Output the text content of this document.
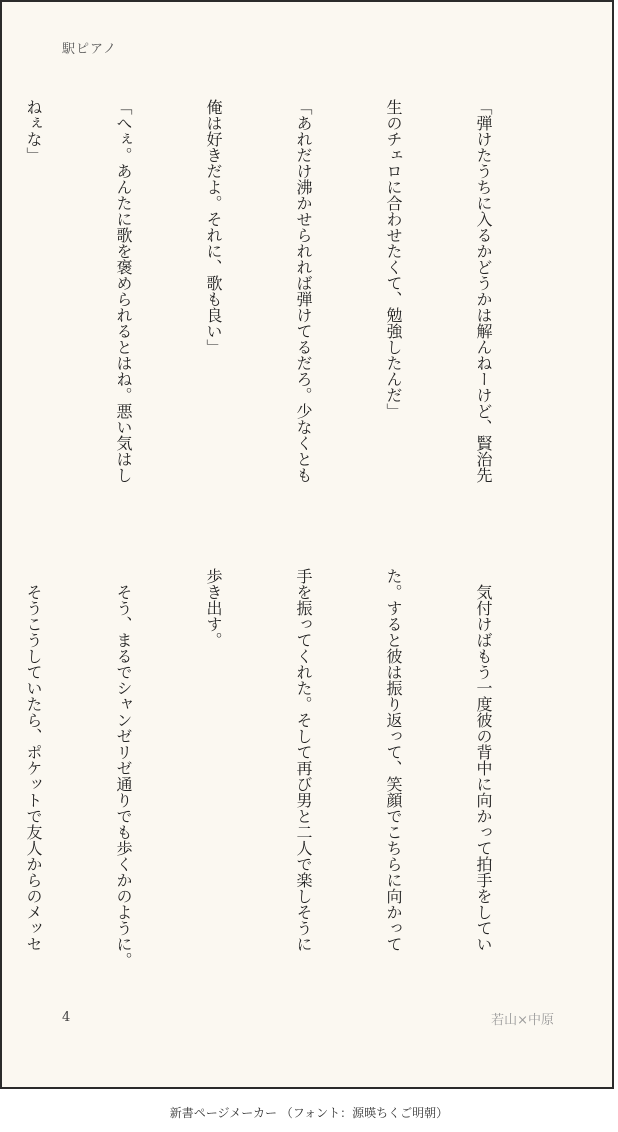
駅ピアノ

「弾けたうちに入るかどうかは解んねーけど、賢治先

生のチェロに合わせたくて、勉強したんだ」

「あれだけ沸かせられれば弾けてるだろ。少なくとも

俺は好きだよ。それに、歌も良い」

「へぇ。あんたに歌を褒められるとはね。悪い気はし

ねぇな」

　気付けばもう一度彼の背中に向かって拍手をしてい

た。すると彼は振り返って、笑顔でこちらに向かって

手を振ってくれた。そして再び男と二人で楽しそうに

歩き出す。

　そう、まるでシャンゼリゼ通りでも歩くかのように。

　そうこうしていたら、ポケットで友人からのメッセ

4	若山×中原
新書ページメーカー （フォント：源暎ちくご明朝）
